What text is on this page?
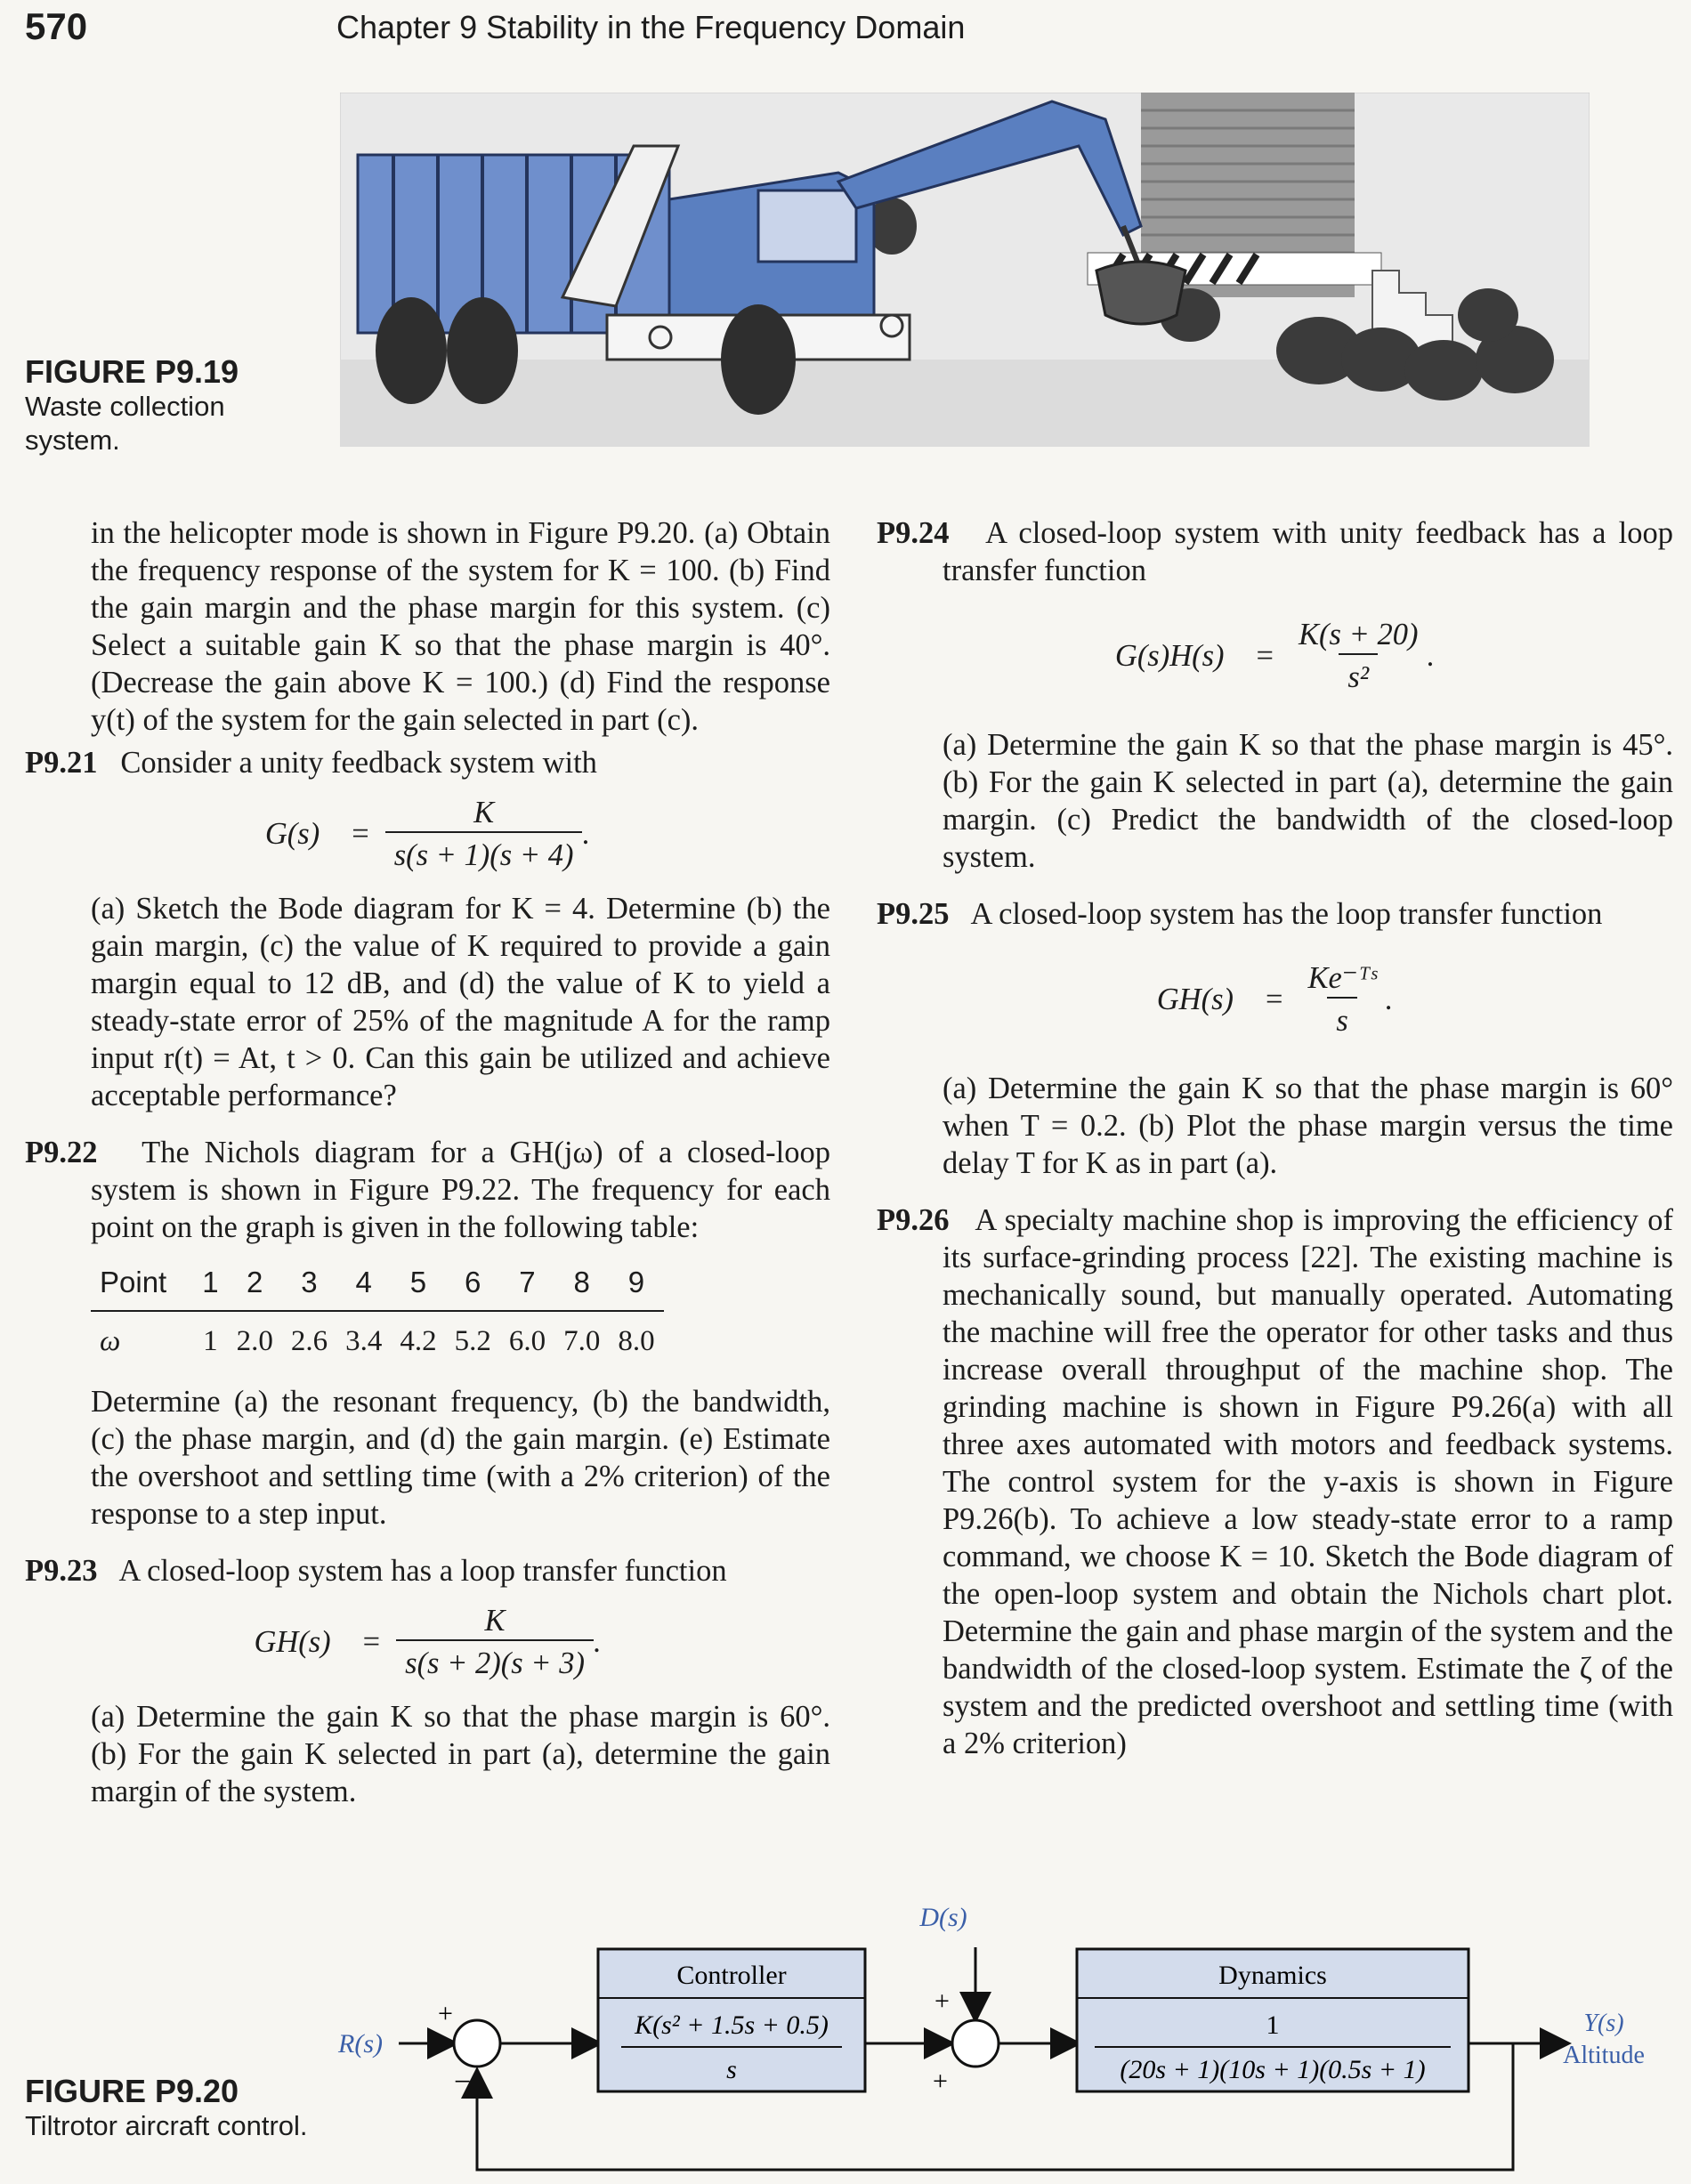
570	Chapter 9 Stability in the Frequency Domain
FIGURE P9.19
Waste collection system.

in the helicopter mode is shown in Figure P9.20. (a) Obtain the frequency response of the system for K = 100. (b) Find the gain margin and the phase margin for this system. (c) Select a suitable gain K so that the phase margin is 40°. (Decrease the gain above K = 100.) (d) Find the response y(t) of the system for the gain selected in part (c).

P9.21 Consider a unity feedback system with

$G(s) = \frac{K}{s(s + 1)(s + 4)}$ .

(a) Sketch the Bode diagram for K = 4. Determine (b) the gain margin, (c) the value of K required to provide a gain margin equal to 12 dB, and (d) the value of K to yield a steady-state error of 25% of the magnitude A for the ramp input r(t) = At, t > 0. Can this gain be utilized and achieve acceptable performance?

P9.22 The Nichols diagram for a GH(jω) of a closed-loop system is shown in Figure P9.22. The frequency for each point on the graph is given in the following table:

Point	1	2	3	4	5	6	7	8	9
ω	1	2.0	2.6	3.4	4.2	5.2	6.0	7.0	8.0

Determine (a) the resonant frequency, (b) the bandwidth, (c) the phase margin, and (d) the gain margin. (e) Estimate the overshoot and settling time (with a 2% criterion) of the response to a step input.

P9.23 A closed-loop system has a loop transfer function

$GH(s) = \frac{K}{s(s + 2)(s + 3)}$ .

(a) Determine the gain K so that the phase margin is 60°. (b) For the gain K selected in part (a), determine the gain margin of the system.

P9.24 A closed-loop system with unity feedback has a loop transfer function

$G(s)H(s) = \frac{K(s + 20)}{\text{s²}}$ .

(a) Determine the gain K so that the phase margin is 45°. (b) For the gain K selected in part (a), determine the gain margin. (c) Predict the bandwidth of the closed-loop system.

P9.25 A closed-loop system has the loop transfer function

$GH(s) = \frac{\text{Ke⁻ᵀˢ}}{s}$ .

(a) Determine the gain K so that the phase margin is 60° when T = 0.2. (b) Plot the phase margin versus the time delay T for K as in part (a).

P9.26 A specialty machine shop is improving the efficiency of its surface-grinding process [22]. The existing machine is mechanically sound, but manually operated. Automating the machine will free the operator for other tasks and thus increase overall throughput of the machine shop. The grinding machine is shown in Figure P9.26(a) with all three axes automated with motors and feedback systems. The control system for the y-axis is shown in Figure P9.26(b). To achieve a low steady-state error to a ramp command, we choose K = 10. Sketch the Bode diagram of the open-loop system and obtain the Nichols chart plot. Determine the gain and phase margin of the system and the bandwidth of the closed-loop system. Estimate the ζ of the system and the predicted overshoot and settling time (with a 2% criterion)

R(s)
+
−
Controller
K(s² + 1.5s + 0.5)
s
D(s)
+
+
Dynamics
1
(20s + 1)(10s + 1)(0.5s + 1)
Y(s)
Altitude
FIGURE P9.20
Tiltrotor aircraft control.
